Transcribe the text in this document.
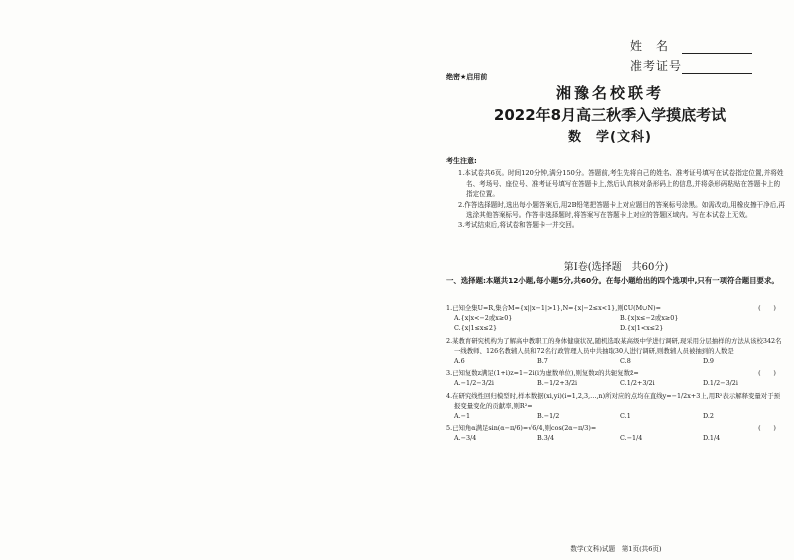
姓　名
准考证号
绝密★启用前
湘豫名校联考
2022年8月高三秋季入学摸底考试
数　学(文科)
考生注意:
1.本试卷共6页。时间120分钟,满分150分。答题前,考生先将自己的姓名、准考证号填写在试卷指定位置,并将姓名、考场号、座位号、准考证号填写在答题卡上,然后认真核对条形码上的信息,并将条形码粘贴在答题卡上的指定位置。
2.作答选择题时,选出每小题答案后,用2B铅笔把答题卡上对应题目的答案标号涂黑。如需改动,用橡皮擦干净后,再选涂其他答案标号。作答非选择题时,将答案写在答题卡上对应的答题区域内。写在本试卷上无效。
3.考试结束后,将试卷和答题卡一并交回。
第Ⅰ卷(选择题　共60分)
一、选择题:本题共12小题,每小题5分,共60分。在每小题给出的四个选项中,只有一项符合题目要求。
(　　)
1.已知全集U=R,集合M={x||x−1|>1},N={x|−2≤x<1},则∁U(M∪N)=
A.{x|x<−2或x≥0}	B.{x|x≤−2或x≥0}
C.{x|1≤x≤2}	D.{x|1<x≤2}
2.某教育研究机构为了解高中教职工的身体健康状况,随机选取某高级中学进行调研,现采用分层抽样的方法从该校342名一线教师、126名教辅人员和72名行政管理人员中共抽取30人进行调研,则教辅人员被抽到的人数是
A.6	B.7	C.8	D.9
(　　)
3.已知复数z满足(1+i)z=1−2i(i为虚数单位),则复数z的共轭复数z̄=
A.−1/2−3/2i	B.−1/2+3/2i	C.1/2+3/2i	D.1/2−3/2i
4.在研究线性回归模型时,样本数据(xi,yi)(i=1,2,3,…,n)所对应的点均在直线y=−1/2x+3上,用R²表示解释变量对于预报变量变化的贡献率,则R²=
A.−1	B.−1/2	C.1	D.2
(　　)
5.已知角α满足sin(α−π/6)=√6/4,则cos(2α−π/3)=
A.−3/4	B.3/4	C.−1/4	D.1/4
数学(文科)试题　第1页(共6页)
